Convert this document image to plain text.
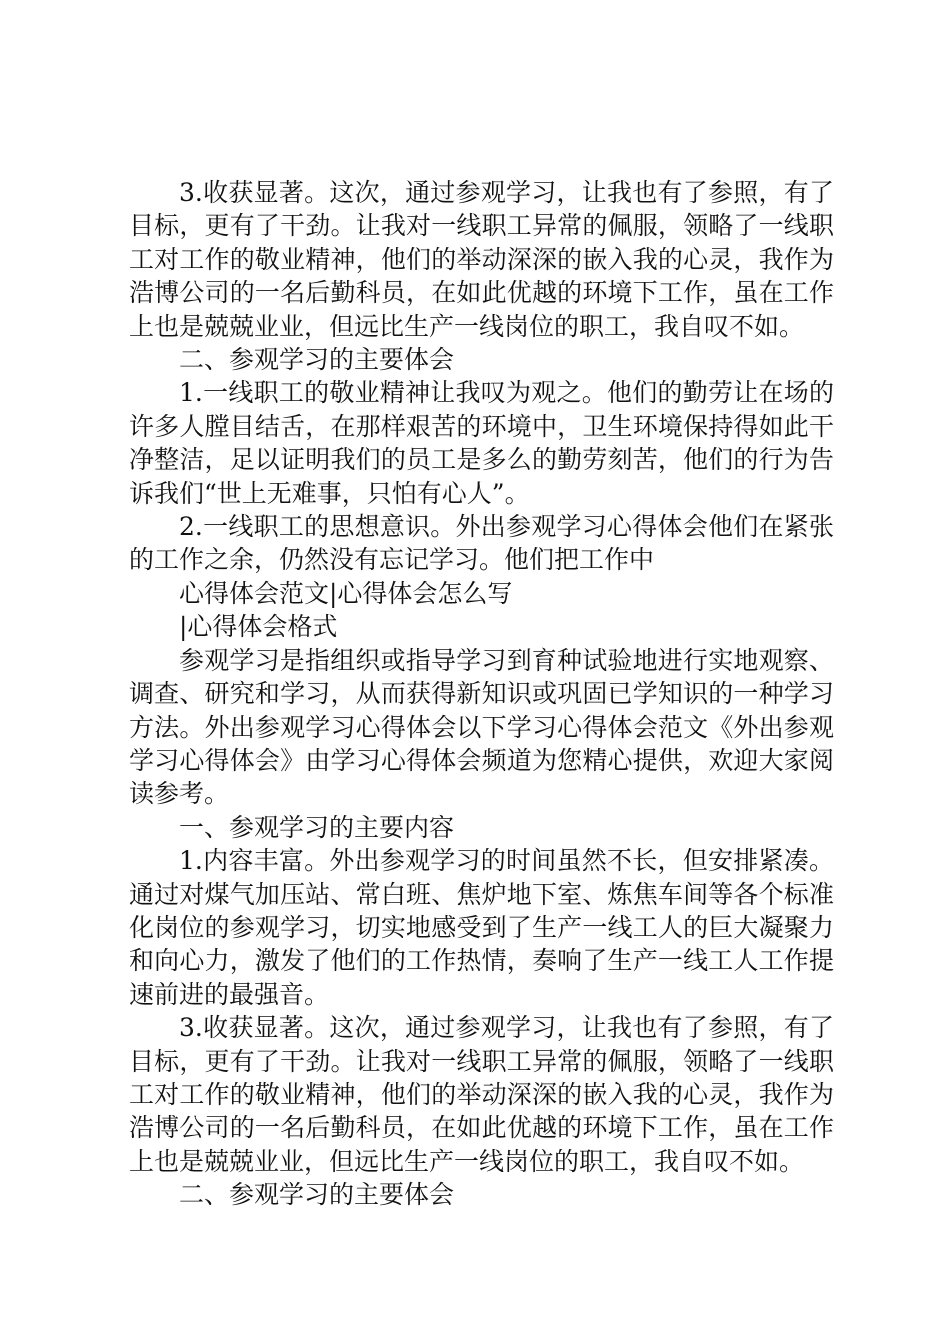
3.收获显著。这次，通过参观学习，让我也有了参照，有了目标，更有了干劲。让我对一线职工异常的佩服，领略了一线职工对工作的敬业精神，他们的举动深深的嵌入我的心灵，我作为浩博公司的一名后勤科员，在如此优越的环境下工作，虽在工作上也是兢兢业业，但远比生产一线岗位的职工，我自叹不如。

二、参观学习的主要体会

1.一线职工的敬业精神让我叹为观之。他们的勤劳让在场的许多人膛目结舌，在那样艰苦的环境中，卫生环境保持得如此干净整洁，足以证明我们的员工是多么的勤劳刻苦，他们的行为告诉我们“世上无难事，只怕有心人”。

2.一线职工的思想意识。外出参观学习心得体会他们在紧张的工作之余，仍然没有忘记学习。他们把工作中

心得体会范文|心得体会怎么写

|心得体会格式

参观学习是指组织或指导学习到育种试验地进行实地观察、调查、研究和学习，从而获得新知识或巩固已学知识的一种学习方法。外出参观学习心得体会以下学习心得体会范文《外出参观学习心得体会》由学习心得体会频道为您精心提供，欢迎大家阅读参考。

一、参观学习的主要内容

1.内容丰富。外出参观学习的时间虽然不长，但安排紧凑。通过对煤气加压站、常白班、焦炉地下室、炼焦车间等各个标准化岗位的参观学习，切实地感受到了生产一线工人的巨大凝聚力和向心力，激发了他们的工作热情，奏响了生产一线工人工作提速前进的最强音。

3.收获显著。这次，通过参观学习，让我也有了参照，有了目标，更有了干劲。让我对一线职工异常的佩服，领略了一线职工对工作的敬业精神，他们的举动深深的嵌入我的心灵，我作为浩博公司的一名后勤科员，在如此优越的环境下工作，虽在工作上也是兢兢业业，但远比生产一线岗位的职工，我自叹不如。

二、参观学习的主要体会
